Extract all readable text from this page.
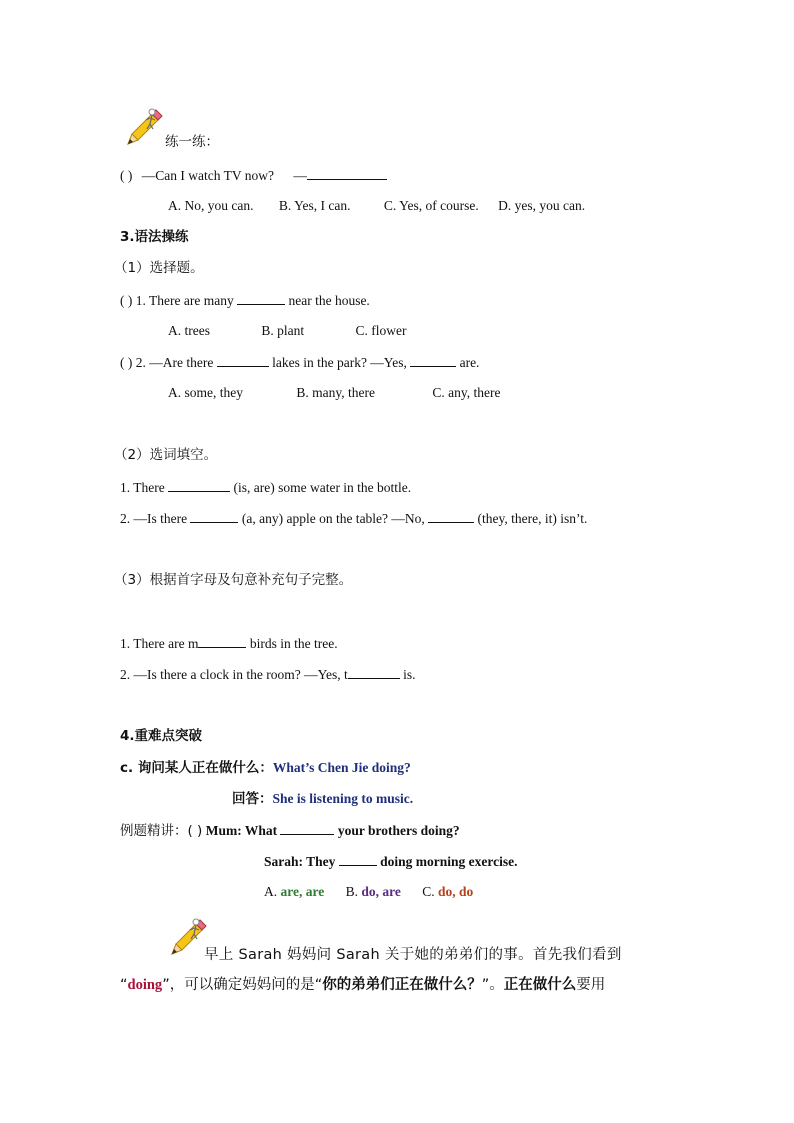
练一练：
( ) —Can I watch TV now? —
A. No, you can. B. Yes, I can. C. Yes, of course. D. yes, you can.
3.语法操练
（1）选择题。
( ) 1. There are many	near the house.
A. trees	B. plant	C. flower
( ) 2. —Are there	lakes in the park? —Yes,	are.
A. some, they	B. many, there	C. any, there
（2）选词填空。
1. There	(is, are) some water in the bottle.
2. —Is there	(a, any) apple on the table? —No,	(they, there, it) isn’t.
（3）根据首字母及句意补充句子完整。
1. There are m	birds in the tree.
2. —Is there a clock in the room? —Yes, t	is.
4.重难点突破
c. 询问某人正在做什么：What’s Chen Jie doing?
回答：She is listening to music.
例题精讲：( ) Mum: What	your brothers doing?
Sarah: They	doing morning exercise.
A. are, are B. do, are C. do, do
早上 Sarah 妈妈问 Sarah 关于她的弟弟们的事。首先我们看到
“doing”，可以确定妈妈问的是“你的弟弟们正在做什么？”。正在做什么要用
